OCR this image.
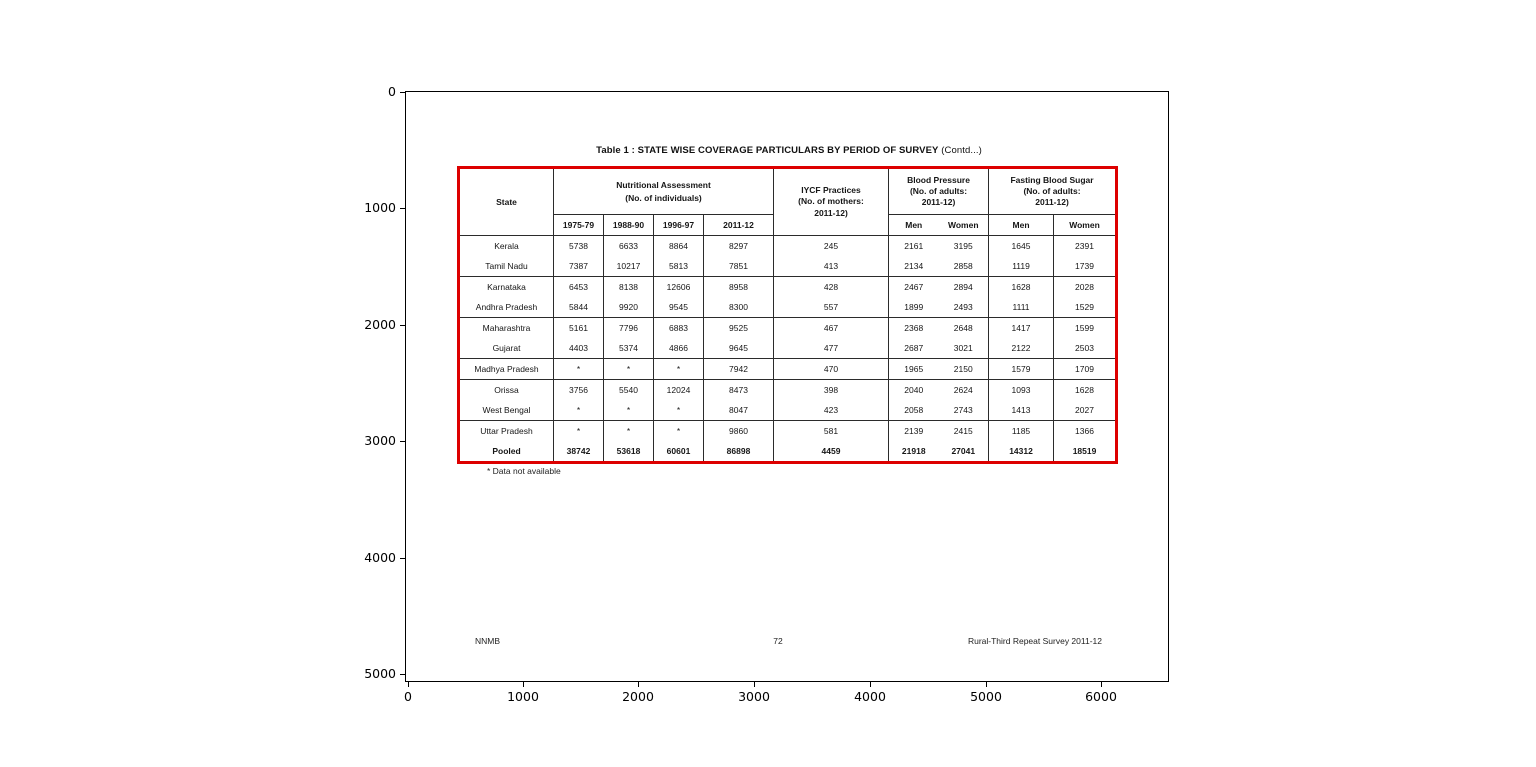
0	1000	2000	3000	4000	5000	6000
0
1000
2000
3000
4000
5000
Table 1 : STATE WISE COVERAGE PARTICULARS BY PERIOD OF SURVEY (Contd...)
State	
Nutritional Assessment
(No. of individuals)

IYCF Practices
(No. of mothers:
2011-12)

Blood Pressure
(No. of adults:
2011-12)

Fasting Blood Sugar
(No. of adults:
2011-12)

	1975-79	1988-90	1996-97	2011-12		Men	Women	Men	Women
Kerala	5738	6633	8864	8297	245	2161	3195	1645	2391
Tamil Nadu	7387	10217	5813	7851	413	2134	2858	1119	1739
Karnataka	6453	8138	12606	8958	428	2467	2894	1628	2028
Andhra Pradesh	5844	9920	9545	8300	557	1899	2493	1111	1529
Maharashtra	5161	7796	6883	9525	467	2368	2648	1417	1599
Gujarat	4403	5374	4866	9645	477	2687	3021	2122	2503
Madhya Pradesh	*	*	*	7942	470	1965	2150	1579	1709
Orissa	3756	5540	12024	8473	398	2040	2624	1093	1628
West Bengal	*	*	*	8047	423	2058	2743	1413	2027
Uttar Pradesh	*	*	*	9860	581	2139	2415	1185	1366
Pooled	38742	53618	60601	86898	4459	21918	27041	14312	18519
* Data not available
NNMB	72	Rural-Third Repeat Survey 2011-12
